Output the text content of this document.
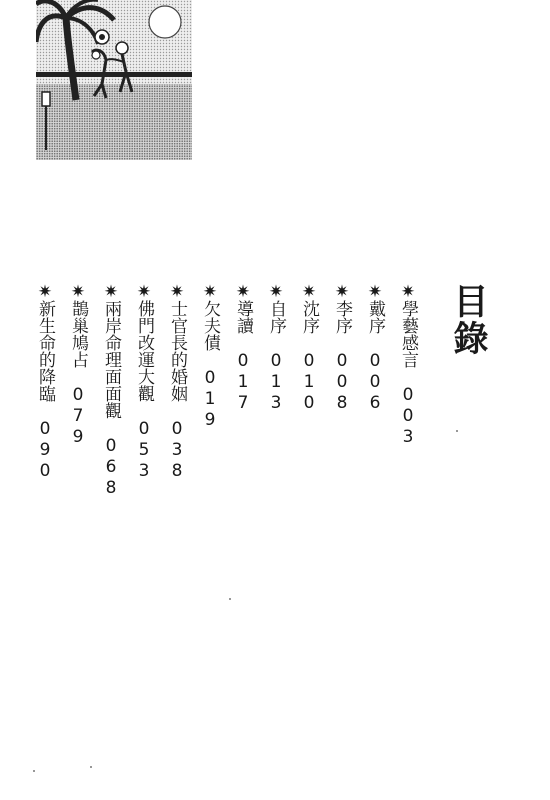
目錄
✷
學藝感言
003
✷
戴序
006
✷
李序
008
✷
沈序
010
✷
自序
013
✷
導讀
017
✷
欠夫債
019
✷
士官長的婚姻
038
✷
佛門改運大觀
053
✷
兩岸命理面面觀
068
✷
鵲巢鳩占
079
✷
新生命的降臨
090
